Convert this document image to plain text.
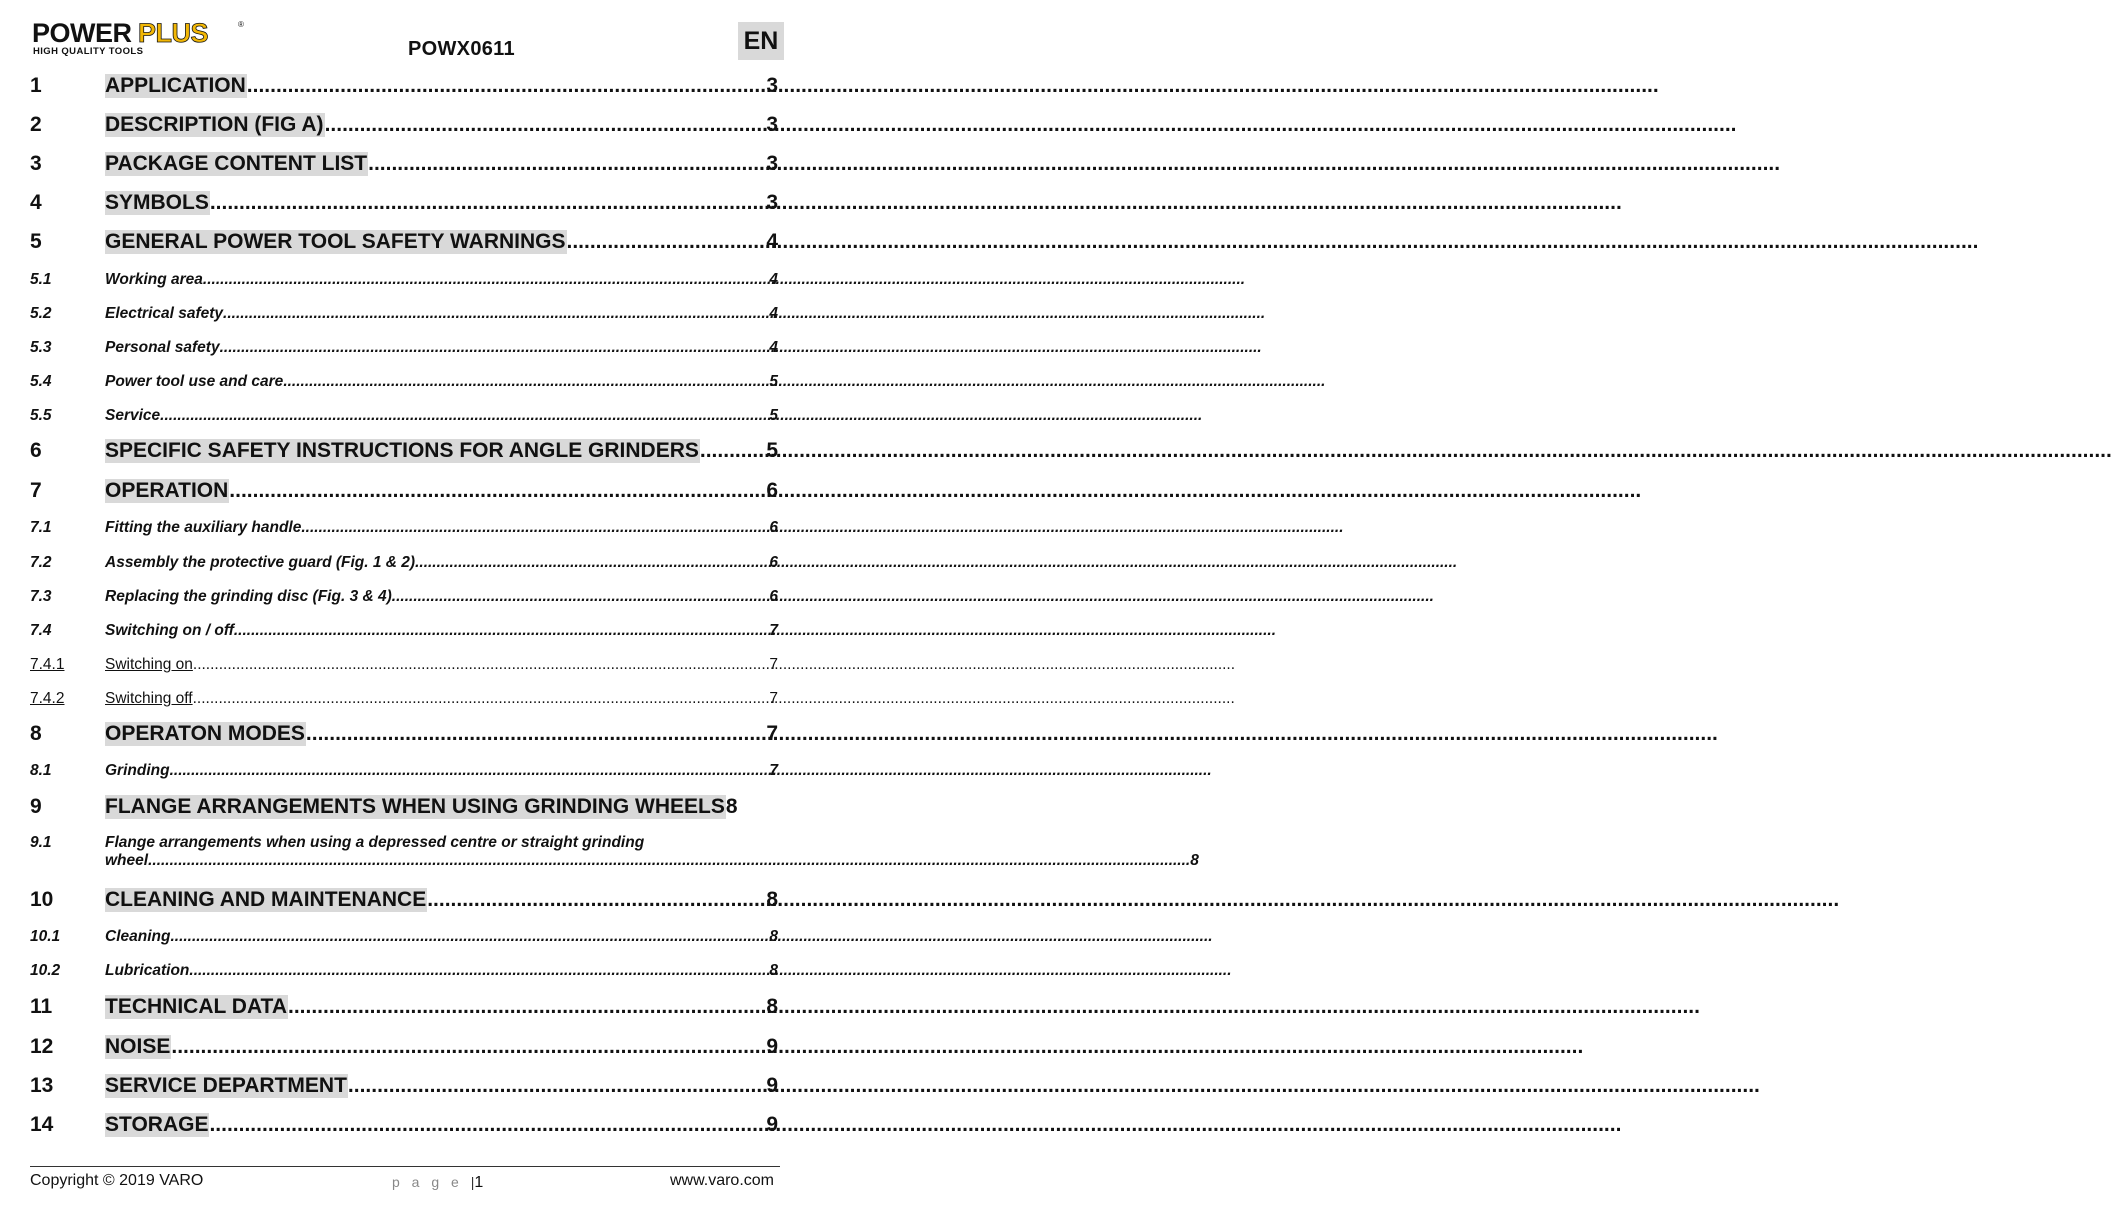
POWER PLUS	®
HIGH QUALITY TOOLS	POWX0611	EN
1	APPLICATION .....	3
2	DESCRIPTION (FIG A) .....	3
3	PACKAGE CONTENT LIST .....	3
4	SYMBOLS .....	3
5	GENERAL POWER TOOL SAFETY WARNINGS .....	4
5.1	Working area .....	4
5.2	Electrical safety .....	4
5.3	Personal safety .....	4
5.4	Power tool use and care .....	5
5.5	Service .....	5
6	SPECIFIC SAFETY INSTRUCTIONS FOR ANGLE GRINDERS .....	5
7	OPERATION .....	6
7.1	Fitting the auxiliary handle .....	6
7.2	Assembly the protective guard (Fig. 1 & 2) .....	6
7.3	Replacing the grinding disc (Fig. 3 & 4) .....	6
7.4	Switching on / off .....	7
7.4.1	Switching on .....	7
7.4.2	Switching off .....	7
8	OPERATON MODES .....	7
8.1	Grinding .....	7
9	FLANGE ARRANGEMENTS WHEN USING GRINDING WHEELS 8
9.1	Flange arrangements when using a depressed centre or straight grinding
wheel .....	8
10	CLEANING AND MAINTENANCE .....	8
10.1	Cleaning .....	8
10.2	Lubrication .....	8
11	TECHNICAL DATA .....	8
12	NOISE .....	9
13	SERVICE DEPARTMENT .....	9
14	STORAGE .....	9
Copyright © 2019 VARO	p a g e |1	www.varo.com
